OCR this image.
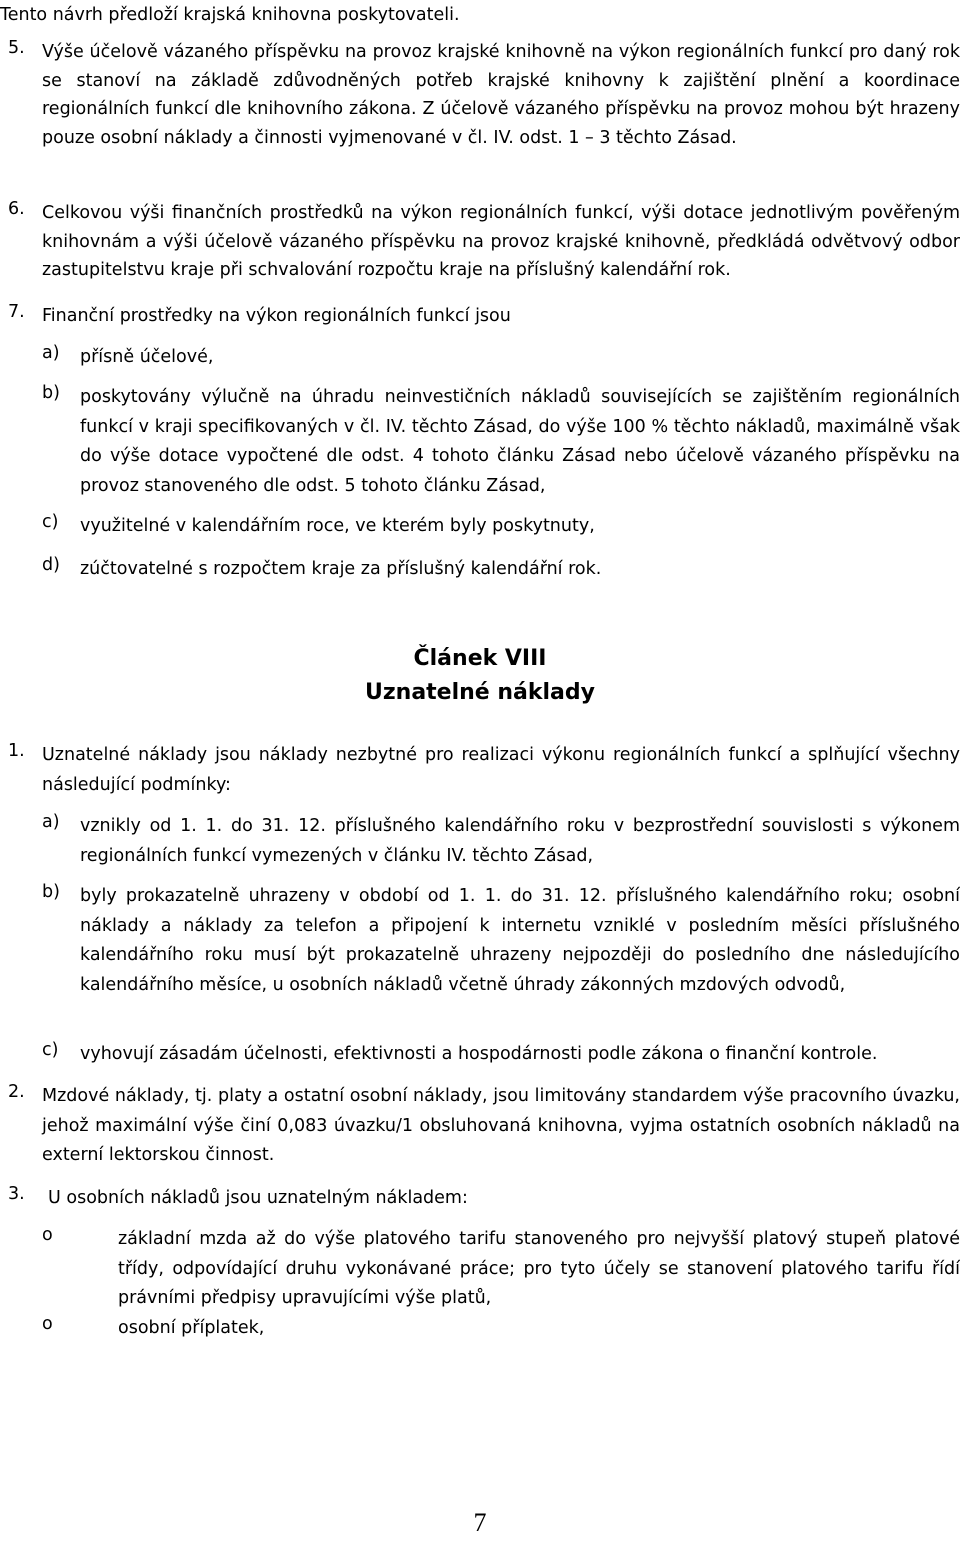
Tento návrh předloží krajská knihovna poskytovateli.

5. Výše účelově vázaného příspěvku na provoz krajské knihovně na výkon regionálních funkcí pro daný rok se stanoví na základě zdůvodněných potřeb krajské knihovny k zajištění plnění a koordinace regionálních funkcí dle knihovního zákona. Z účelově vázaného příspěvku na provoz mohou být hrazeny pouze osobní náklady a činnosti vyjmenované v čl. IV. odst. 1 – 3 těchto Zásad.

6. Celkovou výši finančních prostředků na výkon regionálních funkcí, výši dotace jednotlivým pověřeným knihovnám a výši účelově vázaného příspěvku na provoz krajské knihovně, předkládá odvětvový odbor zastupitelstvu kraje při schvalování rozpočtu kraje na příslušný kalendářní rok.

7. Finanční prostředky na výkon regionálních funkcí jsou

a) přísně účelové,

b) poskytovány výlučně na úhradu neinvestičních nákladů souvisejících se zajištěním regionálních funkcí v kraji specifikovaných v čl. IV. těchto Zásad, do výše 100 % těchto nákladů, maximálně však do výše dotace vypočtené dle odst. 4 tohoto článku Zásad nebo účelově vázaného příspěvku na provoz stanoveného dle odst. 5 tohoto článku Zásad,

c) využitelné v kalendářním roce, ve kterém byly poskytnuty,

d) zúčtovatelné s rozpočtem kraje za příslušný kalendářní rok.

Článek VIII

Uznatelné náklady

1. Uznatelné náklady jsou náklady nezbytné pro realizaci výkonu regionálních funkcí a splňující všechny následující podmínky:

a) vznikly od 1. 1. do 31. 12. příslušného kalendářního roku v bezprostřední souvislosti s výkonem regionálních funkcí vymezených v článku IV. těchto Zásad,

b) byly prokazatelně uhrazeny v období od 1. 1. do 31. 12. příslušného kalendářního roku; osobní náklady a náklady za telefon a připojení k internetu vzniklé v posledním měsíci příslušného kalendářního roku musí být prokazatelně uhrazeny nejpozději do posledního dne následujícího kalendářního měsíce, u osobních nákladů včetně úhrady zákonných mzdových odvodů,

c) vyhovují zásadám účelnosti, efektivnosti a hospodárnosti podle zákona o finanční kontrole.

2. Mzdové náklady, tj. platy a ostatní osobní náklady, jsou limitovány standardem výše pracovního úvazku, jehož maximální výše činí 0,083 úvazku/1 obsluhovaná knihovna, vyjma ostatních osobních nákladů na externí lektorskou činnost.

3. U osobních nákladů jsou uznatelným nákladem:

o	základní mzda až do výše platového tarifu stanoveného pro nejvyšší platový stupeň platové třídy, odpovídající druhu vykonávané práce; pro tyto účely se stanovení platového tarifu řídí právními předpisy upravujícími výše platů,

o	osobní příplatek,

7
